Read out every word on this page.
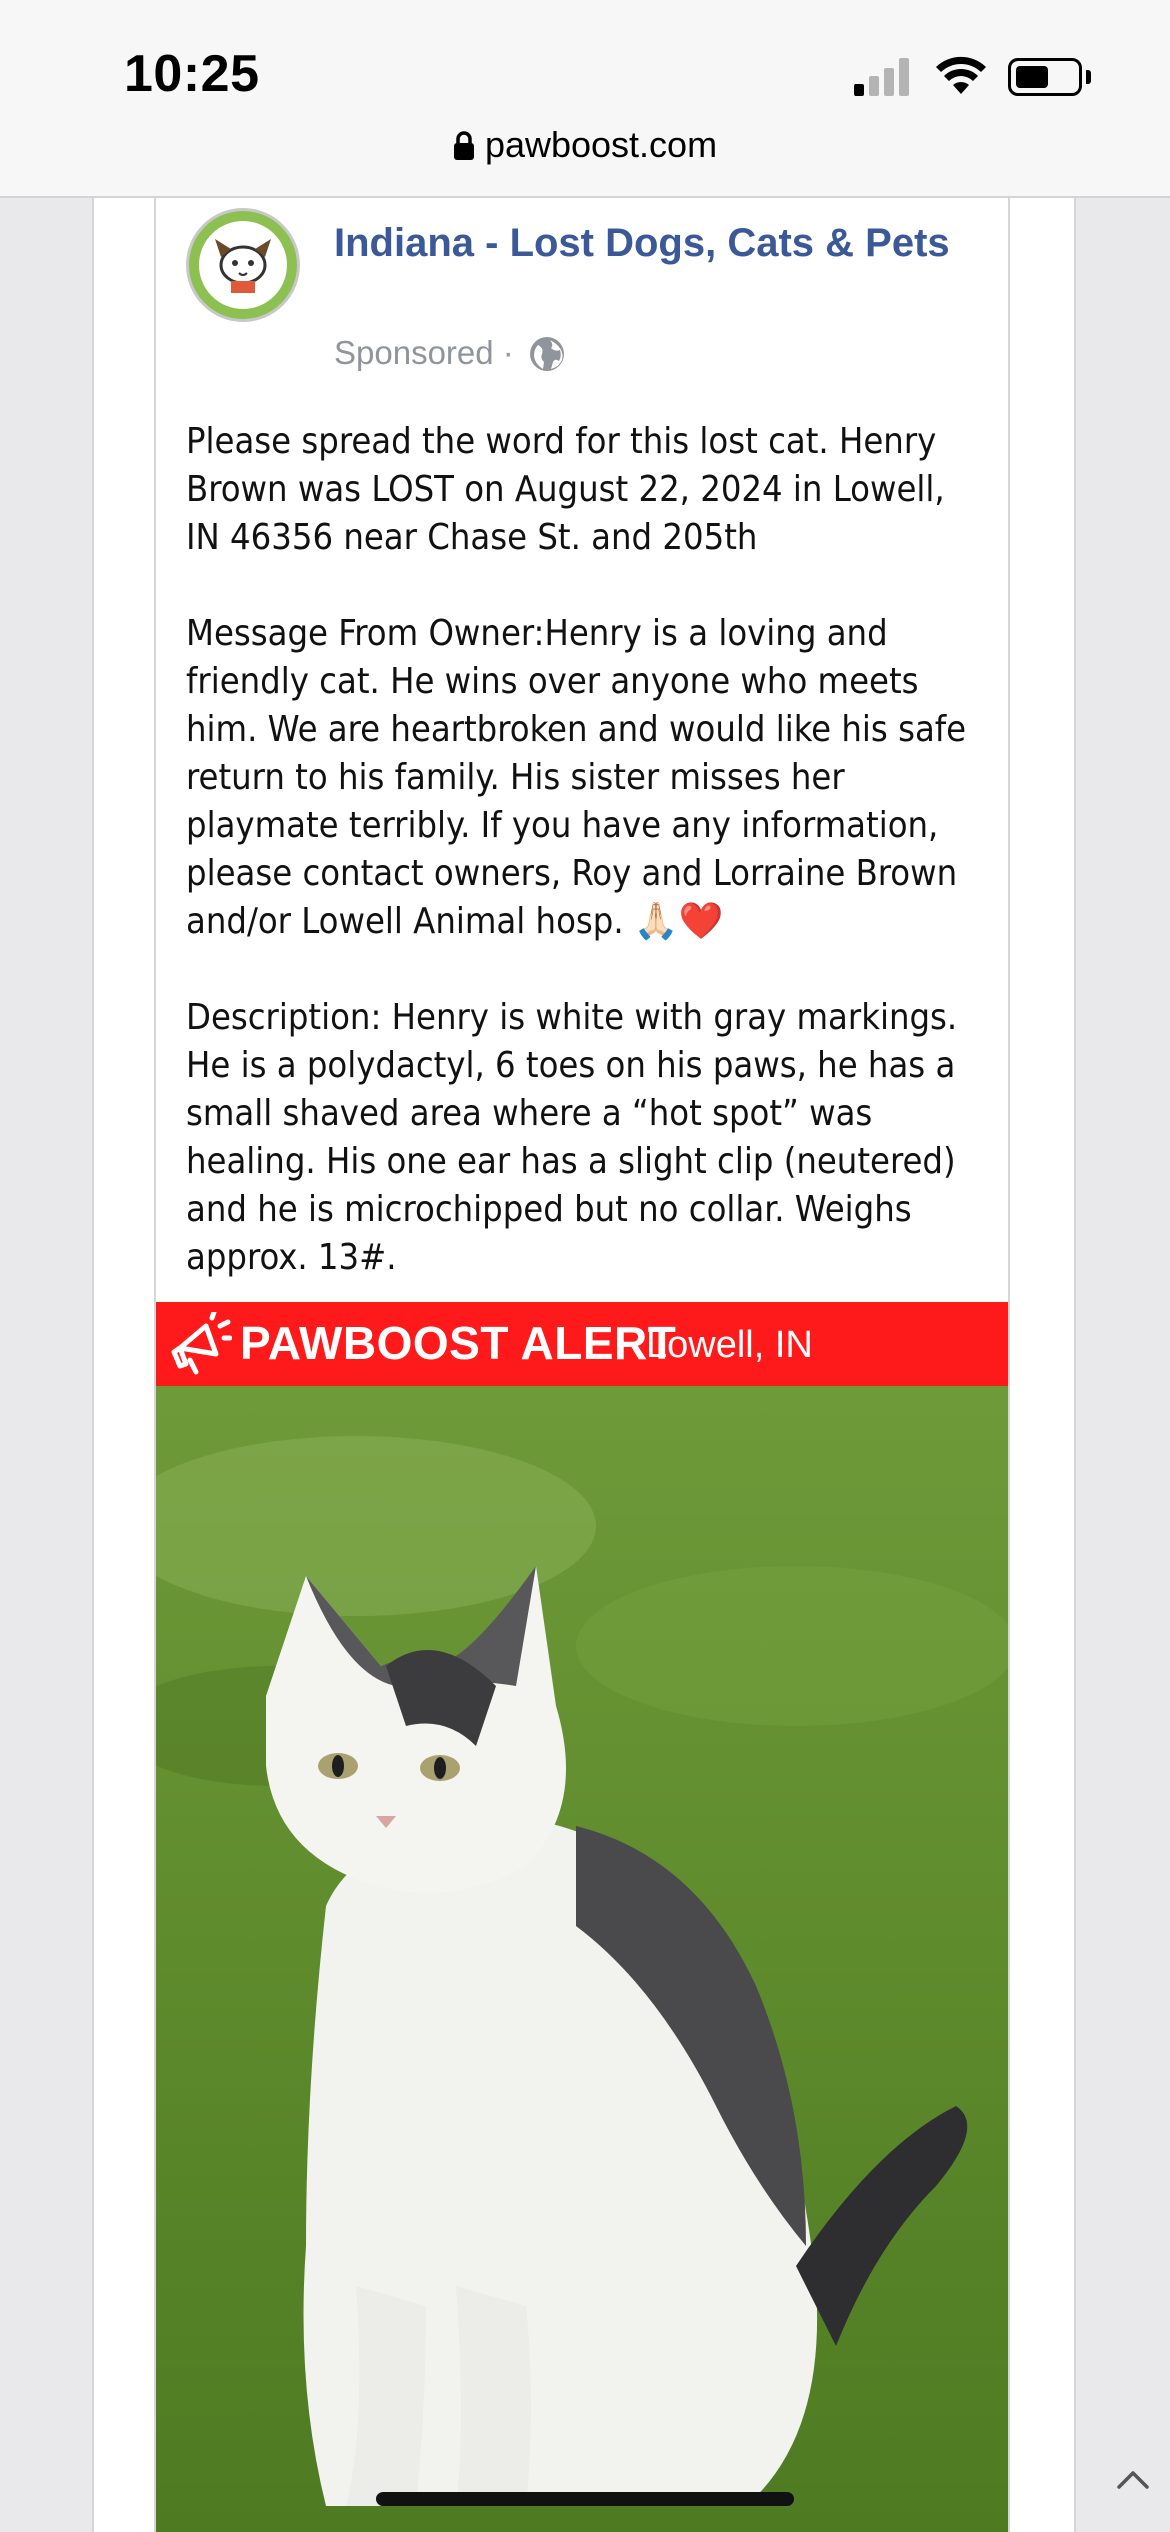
10:25
pawboost.com
Indiana - Lost Dogs, Cats & Pets
Sponsored ·

Please spread the word for this lost cat. Henry Brown was LOST on August 22, 2024 in Lowell, IN 46356 near Chase St. and 205th

Message From Owner:Henry is a loving and friendly cat. He wins over anyone who meets him. We are heartbroken and would like his safe return to his family. His sister misses her playmate terribly. If you have any information, please contact owners, Roy and Lorraine Brown and/or Lowell Animal hosp. 🙏🏻❤️

Description: Henry is white with gray markings. He is a polydactyl, 6 toes on his paws, he has a small shaved area where a “hot spot” was healing. His one ear has a slight clip (neutered) and he is microchipped but no collar. Weighs approx. 13#.

PAWBOOST ALERT
Lowell, IN
